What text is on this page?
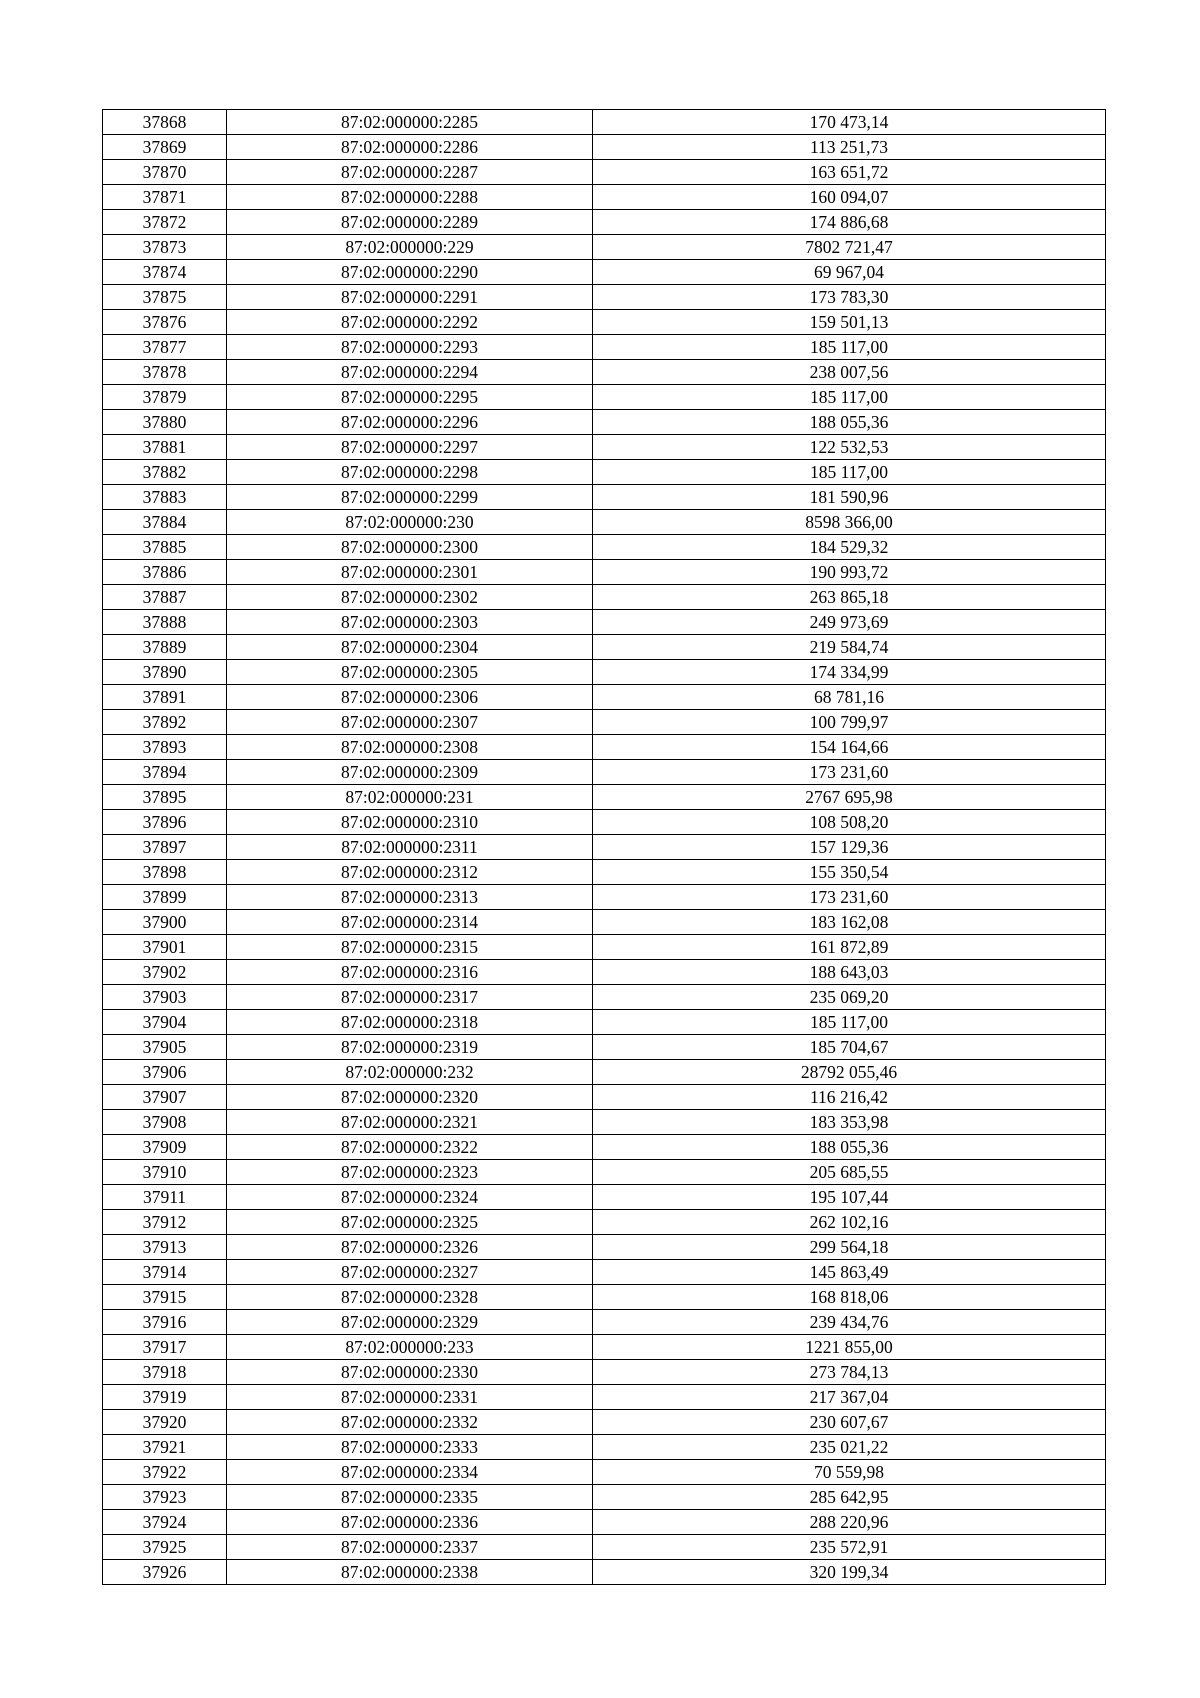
37868	87:02:000000:2285	170 473,14
37869	87:02:000000:2286	113 251,73
37870	87:02:000000:2287	163 651,72
37871	87:02:000000:2288	160 094,07
37872	87:02:000000:2289	174 886,68
37873	87:02:000000:229	7802 721,47
37874	87:02:000000:2290	69 967,04
37875	87:02:000000:2291	173 783,30
37876	87:02:000000:2292	159 501,13
37877	87:02:000000:2293	185 117,00
37878	87:02:000000:2294	238 007,56
37879	87:02:000000:2295	185 117,00
37880	87:02:000000:2296	188 055,36
37881	87:02:000000:2297	122 532,53
37882	87:02:000000:2298	185 117,00
37883	87:02:000000:2299	181 590,96
37884	87:02:000000:230	8598 366,00
37885	87:02:000000:2300	184 529,32
37886	87:02:000000:2301	190 993,72
37887	87:02:000000:2302	263 865,18
37888	87:02:000000:2303	249 973,69
37889	87:02:000000:2304	219 584,74
37890	87:02:000000:2305	174 334,99
37891	87:02:000000:2306	68 781,16
37892	87:02:000000:2307	100 799,97
37893	87:02:000000:2308	154 164,66
37894	87:02:000000:2309	173 231,60
37895	87:02:000000:231	2767 695,98
37896	87:02:000000:2310	108 508,20
37897	87:02:000000:2311	157 129,36
37898	87:02:000000:2312	155 350,54
37899	87:02:000000:2313	173 231,60
37900	87:02:000000:2314	183 162,08
37901	87:02:000000:2315	161 872,89
37902	87:02:000000:2316	188 643,03
37903	87:02:000000:2317	235 069,20
37904	87:02:000000:2318	185 117,00
37905	87:02:000000:2319	185 704,67
37906	87:02:000000:232	28792 055,46
37907	87:02:000000:2320	116 216,42
37908	87:02:000000:2321	183 353,98
37909	87:02:000000:2322	188 055,36
37910	87:02:000000:2323	205 685,55
37911	87:02:000000:2324	195 107,44
37912	87:02:000000:2325	262 102,16
37913	87:02:000000:2326	299 564,18
37914	87:02:000000:2327	145 863,49
37915	87:02:000000:2328	168 818,06
37916	87:02:000000:2329	239 434,76
37917	87:02:000000:233	1221 855,00
37918	87:02:000000:2330	273 784,13
37919	87:02:000000:2331	217 367,04
37920	87:02:000000:2332	230 607,67
37921	87:02:000000:2333	235 021,22
37922	87:02:000000:2334	70 559,98
37923	87:02:000000:2335	285 642,95
37924	87:02:000000:2336	288 220,96
37925	87:02:000000:2337	235 572,91
37926	87:02:000000:2338	320 199,34
